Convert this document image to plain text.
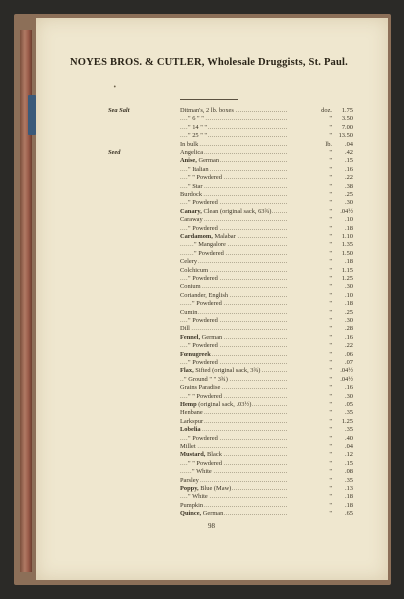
NOYES BROS. & CUTLER, Wholesale Druggists, St. Paul.
•
Sea Salt	Ditman's, 2 lb. boxes . . .	doz.	1.75
" 6 " " . . .	"	3.50
" 14 " " . . .	"	7.00
" 25 " " . . .	"	13.50
In bulk . . .	lb.	.04
Seed	Angelica . . .	"	.42
Anise, German . . .	"	.15
" Italian . . .	"	.16
" " Powdered . . .	"	.22
" Star . . .	"	.38
Burdock . . .	"	.25
" Powdered . . .	"	.30
Canary, Clean (original sack, 63¾) . . .	"	.04½
Caraway . . .	"	.10
" Powdered . . .	"	.18
Cardamom, Malabar . . .	"	1.10
" Mangalore . . .	"	1.35
" Powdered . . .	"	1.50
Celery . . .	"	.18
Colchicum . . .	"	1.15
" Powdered . . .	"	1.25
Conium . . .	"	.30
Coriander, English . . .	"	.10
" Powdered . . .	"	.18
Cumin . . .	"	.25
" Powdered . . .	"	.30
Dill . . .	"	.28
Fennel, German . . .	"	.16
" Powdered . . .	"	.22
Fœnugreek . . .	"	.06
" Powdered . . .	"	.07
Flax, Sifted (original sack, 3¾) . . .	"	.04½
" Ground " " 3¾) . . .	"	.04½
Grains Paradise . . .	"	.16
" " Powdered . . .	"	.30
Hemp (original sack, .03½) . . .	"	.05
Henbane . . .	"	.35
Larkspur . . .	"	1.25
Lobelia . . .	"	.35
" Powdered . . .	"	.40
Millet . . .	"	.04
Mustard, Black . . .	"	.12
" " Powdered . . .	"	.15
" White . . .	"	.08
Parsley . . .	"	.35
Poppy, Blue (Maw) . . .	"	.13
" White . . .	"	.18
Pumpkin . . .	"	.18
Quince, German . . .	"	.65
98
